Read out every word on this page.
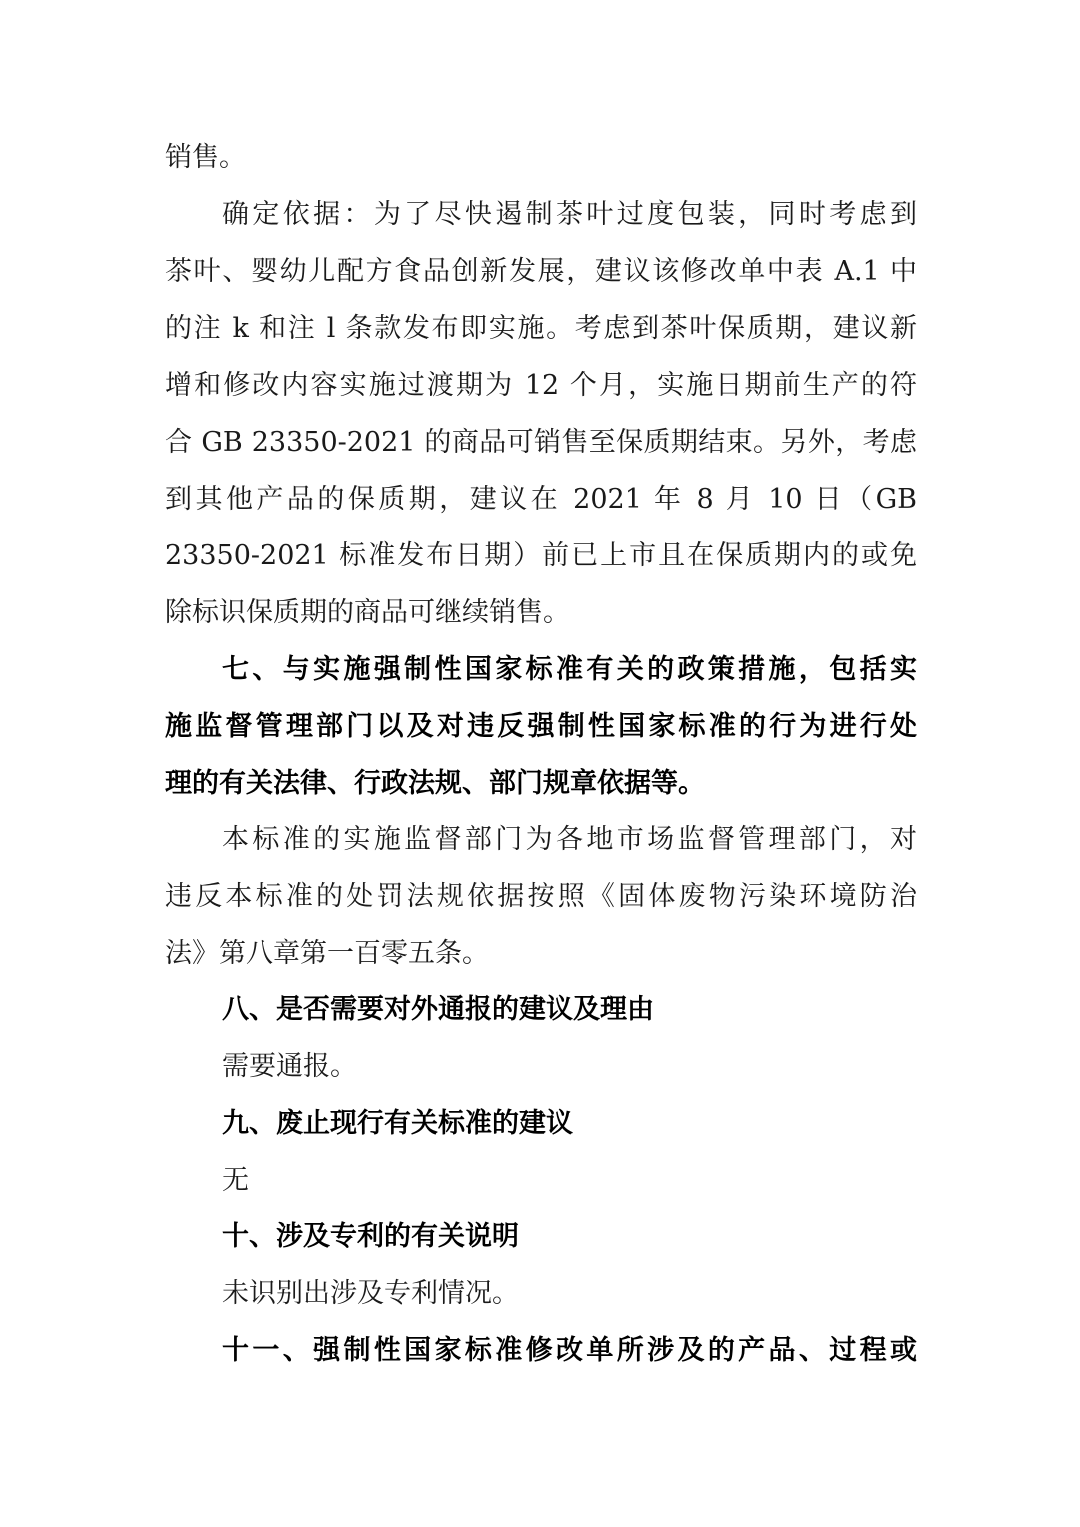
销售。
确定依据：为了尽快遏制茶叶过度包装，同时考虑到
茶叶、婴幼儿配方食品创新发展，建议该修改单中表 A.1 中
的注 k 和注 l 条款发布即实施。考虑到茶叶保质期，建议新
增和修改内容实施过渡期为 12 个月，实施日期前生产的符
合 GB 23350-2021 的商品可销售至保质期结束。另外，考虑
到其他产品的保质期，建议在 2021 年 8 月 10 日（GB
23350-2021 标准发布日期）前已上市且在保质期内的或免
除标识保质期的商品可继续销售。
七、与实施强制性国家标准有关的政策措施，包括实
施监督管理部门以及对违反强制性国家标准的行为进行处
理的有关法律、行政法规、部门规章依据等。
本标准的实施监督部门为各地市场监督管理部门，对
违反本标准的处罚法规依据按照《固体废物污染环境防治
法》第八章第一百零五条。
八、是否需要对外通报的建议及理由
需要通报。
九、废止现行有关标准的建议
无
十、涉及专利的有关说明
未识别出涉及专利情况。
十一、强制性国家标准修改单所涉及的产品、过程或
